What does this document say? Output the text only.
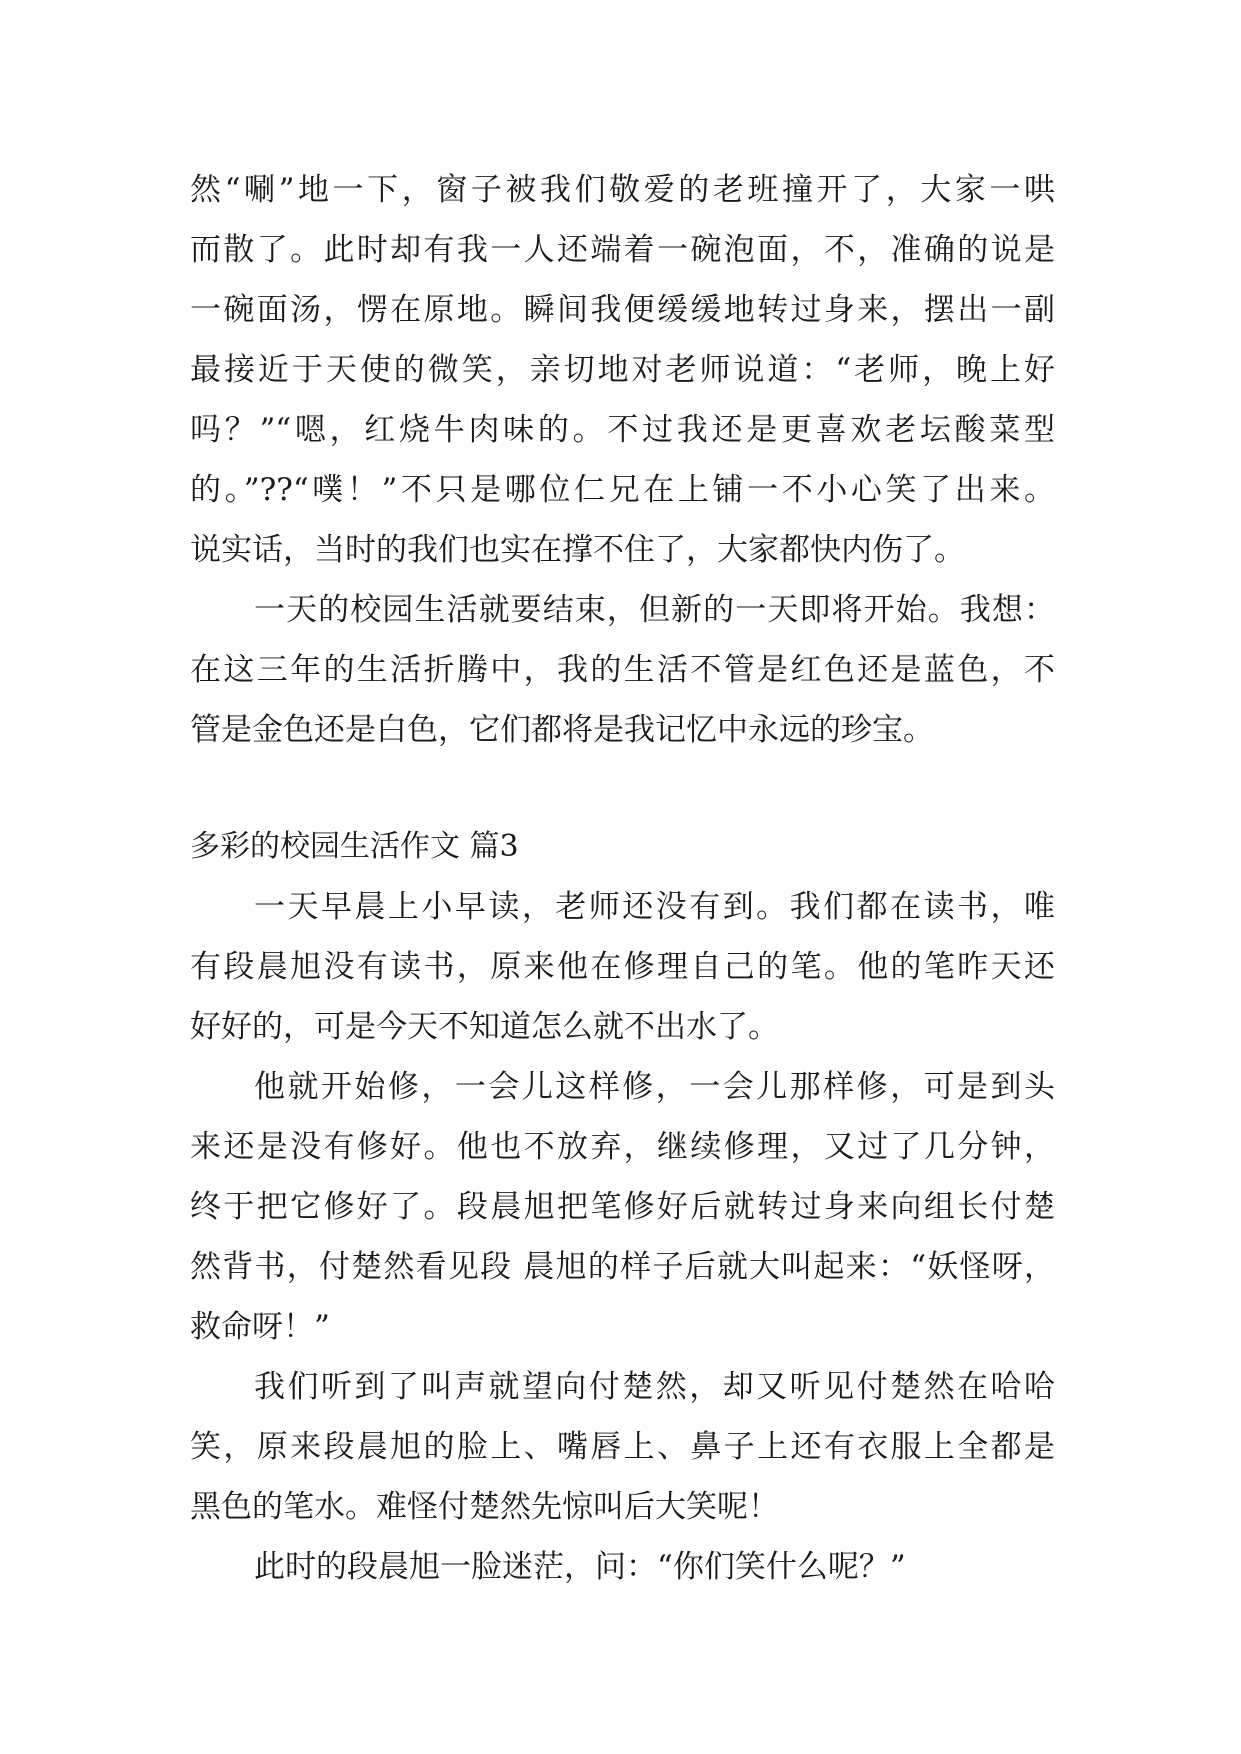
然“唰”地一下，窗子被我们敬爱的老班撞开了，大家一哄

而散了。此时却有我一人还端着一碗泡面，不，准确的说是

一碗面汤，愣在原地。瞬间我便缓缓地转过身来，摆出一副

最接近于天使的微笑，亲切地对老师说道：“老师，晚上好

吗？”“嗯，红烧牛肉味的。不过我还是更喜欢老坛酸菜型

的。”??“噗！”不只是哪位仁兄在上铺一不小心笑了出来。

说实话，当时的我们也实在撑不住了，大家都快内伤了。

一天的校园生活就要结束，但新的一天即将开始。我想：

在这三年的生活折腾中，我的生活不管是红色还是蓝色，不

管是金色还是白色，它们都将是我记忆中永远的珍宝。

多彩的校园生活作文 篇3

一天早晨上小早读，老师还没有到。我们都在读书，唯

有段晨旭没有读书，原来他在修理自己的笔。他的笔昨天还

好好的，可是今天不知道怎么就不出水了。

他就开始修，一会儿这样修，一会儿那样修，可是到头

来还是没有修好。他也不放弃，继续修理，又过了几分钟，

终于把它修好了。段晨旭把笔修好后就转过身来向组长付楚

然背书，付楚然看见段 晨旭的样子后就大叫起来：“妖怪呀，

救命呀！”

我们听到了叫声就望向付楚然，却又听见付楚然在哈哈

笑，原来段晨旭的脸上、嘴唇上、鼻子上还有衣服上全都是

黑色的笔水。难怪付楚然先惊叫后大笑呢！

此时的段晨旭一脸迷茫，问：“你们笑什么呢？”
